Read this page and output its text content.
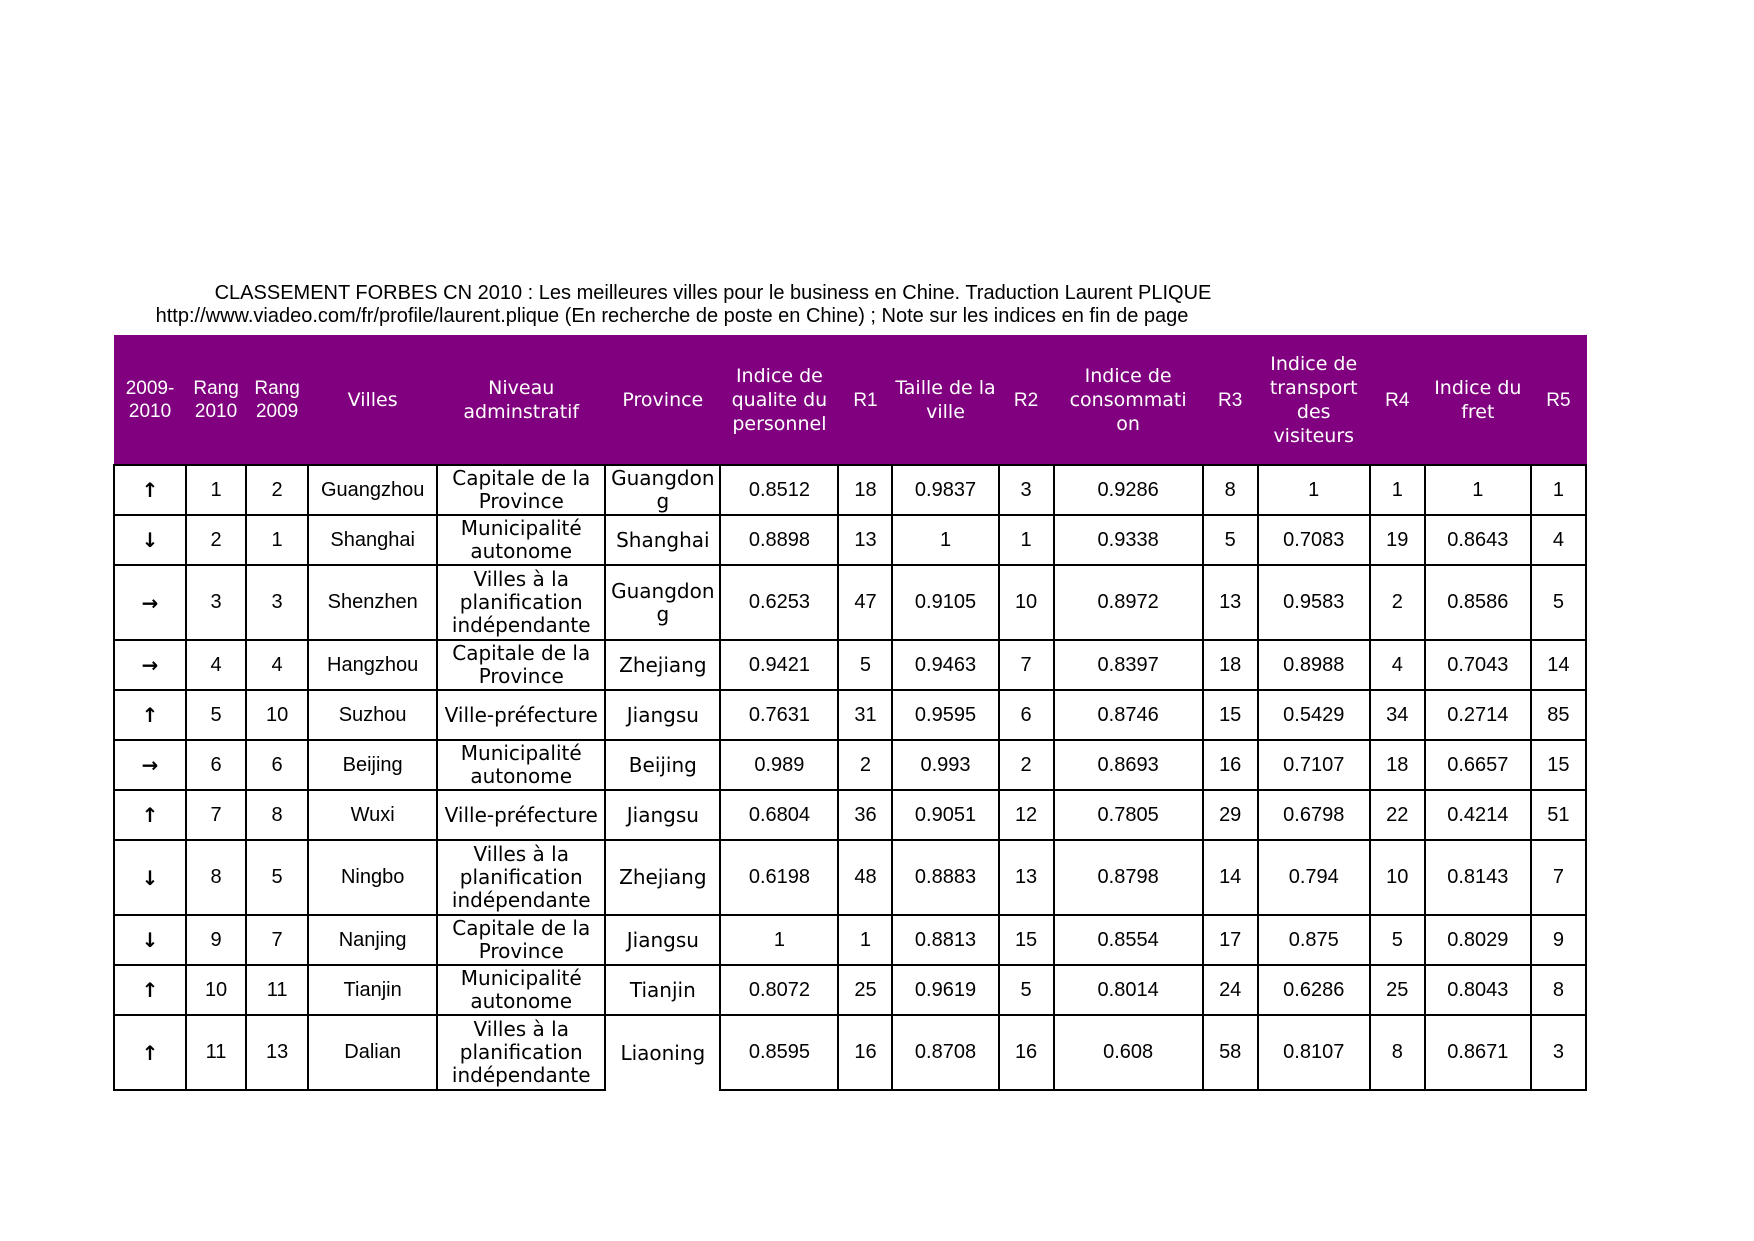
CLASSEMENT FORBES CN 2010 : Les meilleures villes pour le business en Chine. Traduction Laurent PLIQUE
http://www.viadeo.com/fr/profile/laurent.plique (En recherche de poste en Chine) ; Note sur les indices en fin de page
2009-2010	Rang 2010	Rang 2009	Villes	Niveau adminstratif	Province	Indice de qualite du personnel	R1	Taille de la ville	R2	Indice de consommati on	R3	Indice de transport des visiteurs	R4	Indice du fret	R5
↑	1	2	Guangzhou	Capitale de la Province	Guangdon g	0.8512	18	0.9837	3	0.9286	8	1	1	1	1
↓	2	1	Shanghai	Municipalité autonome	Shanghai	0.8898	13	1	1	0.9338	5	0.7083	19	0.8643	4
→	3	3	Shenzhen	Villes à la planification indépendante	Guangdon g	0.6253	47	0.9105	10	0.8972	13	0.9583	2	0.8586	5
→	4	4	Hangzhou	Capitale de la Province	Zhejiang	0.9421	5	0.9463	7	0.8397	18	0.8988	4	0.7043	14
↑	5	10	Suzhou	Ville-préfecture	Jiangsu	0.7631	31	0.9595	6	0.8746	15	0.5429	34	0.2714	85
→	6	6	Beijing	Municipalité autonome	Beijing	0.989	2	0.993	2	0.8693	16	0.7107	18	0.6657	15
↑	7	8	Wuxi	Ville-préfecture	Jiangsu	0.6804	36	0.9051	12	0.7805	29	0.6798	22	0.4214	51
↓	8	5	Ningbo	Villes à la planification indépendante	Zhejiang	0.6198	48	0.8883	13	0.8798	14	0.794	10	0.8143	7
↓	9	7	Nanjing	Capitale de la Province	Jiangsu	1	1	0.8813	15	0.8554	17	0.875	5	0.8029	9
↑	10	11	Tianjin	Municipalité autonome	Tianjin	0.8072	25	0.9619	5	0.8014	24	0.6286	25	0.8043	8
↑	11	13	Dalian	Villes à la planification indépendante	Liaoning	0.8595	16	0.8708	16	0.608	58	0.8107	8	0.8671	3
